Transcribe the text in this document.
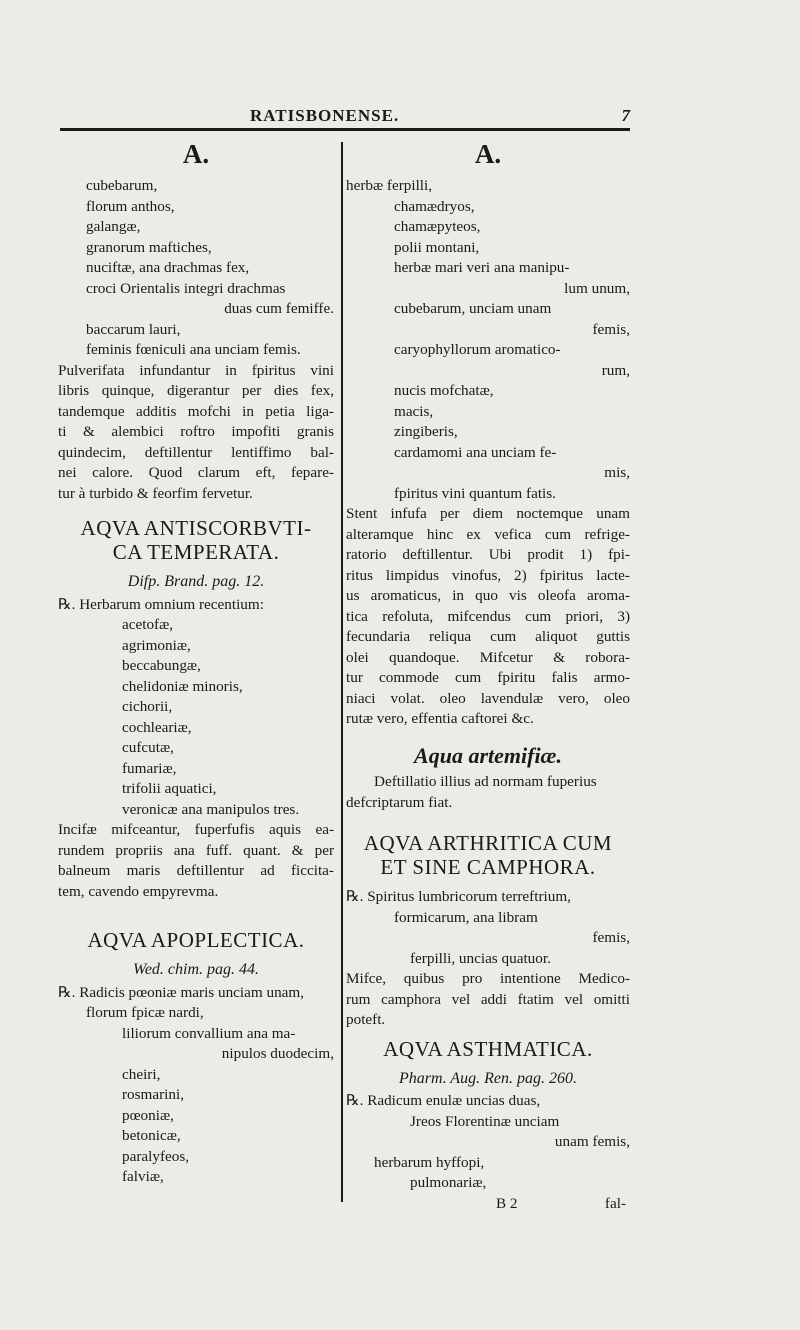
RATISBONENSE.	7
A.
cubebarum,
florum anthos,
galangæ,
granorum maftiches,
nuciftæ, ana drachmas fex,
croci Orientalis integri drachmas
duas cum femiffe.
baccarum lauri,
feminis fœniculi ana unciam femis.
Pulverifata infundantur in fpiritus vini
libris quinque, digerantur per dies fex,
tandemque additis mofchi in petia liga-
ti & alembici roftro impofiti granis
quindecim, deftillentur lentiffimo bal-
nei calore. Quod clarum eft, fepare-
tur à turbido & feorfim fervetur.
AQVA ANTISCORBVTI-
CA TEMPERATA.
Difp. Brand. pag. 12.
℞. Herbarum omnium recentium:
acetofæ,
agrimoniæ,
beccabungæ,
chelidoniæ minoris,
cichorii,
cochleariæ,
cufcutæ,
fumariæ,
trifolii aquatici,
veronicæ ana manipulos tres.
Incifæ mifceantur, fuperfufis aquis ea-
rundem propriis ana fuff. quant. & per
balneum maris deftillentur ad ficcita-
tem, cavendo empyrevma.
AQVA APOPLECTICA.
Wed. chim. pag. 44.
℞. Radicis pœoniæ maris unciam unam,
florum fpicæ nardi,
liliorum convallium ana ma-
nipulos duodecim,
cheiri,
rosmarini,
pœoniæ,
betonicæ,
paralyfeos,
falviæ,
A.
herbæ ferpilli,
chamædryos,
chamæpyteos,
polii montani,
herbæ mari veri ana manipu-
lum unum,
cubebarum, unciam unam
femis,
caryophyllorum aromatico-
rum,
nucis mofchatæ,
macis,
zingiberis,
cardamomi ana unciam fe-
mis,
fpiritus vini quantum fatis.
Stent infufa per diem noctemque unam
alteramque hinc ex vefica cum refrige-
ratorio deftillentur. Ubi prodit 1) fpi-
ritus limpidus vinofus, 2) fpiritus lacte-
us aromaticus, in quo vis oleofa aroma-
tica refoluta, mifcendus cum priori, 3)
fecundaria reliqua cum aliquot guttis
olei quandoque. Mifcetur & robora-
tur commode cum fpiritu falis armo-
niaci volat. oleo lavendulæ vero, oleo
rutæ vero, effentia caftorei &c.
Aqua artemifiæ.
Deftillatio illius ad normam fuperius
defcriptarum fiat.
AQVA ARTHRITICA CUM
ET SINE CAMPHORA.
℞. Spiritus lumbricorum terreftrium,
formicarum, ana libram
femis,
ferpilli, uncias quatuor.
Mifce, quibus pro intentione Medico-
rum camphora vel addi ftatim vel omitti
poteft.
AQVA ASTHMATICA.
Pharm. Aug. Ren. pag. 260.
℞. Radicum enulæ uncias duas,
Jreos Florentinæ unciam
unam femis,
herbarum hyffopi,
pulmonariæ,
B 2	fal-
